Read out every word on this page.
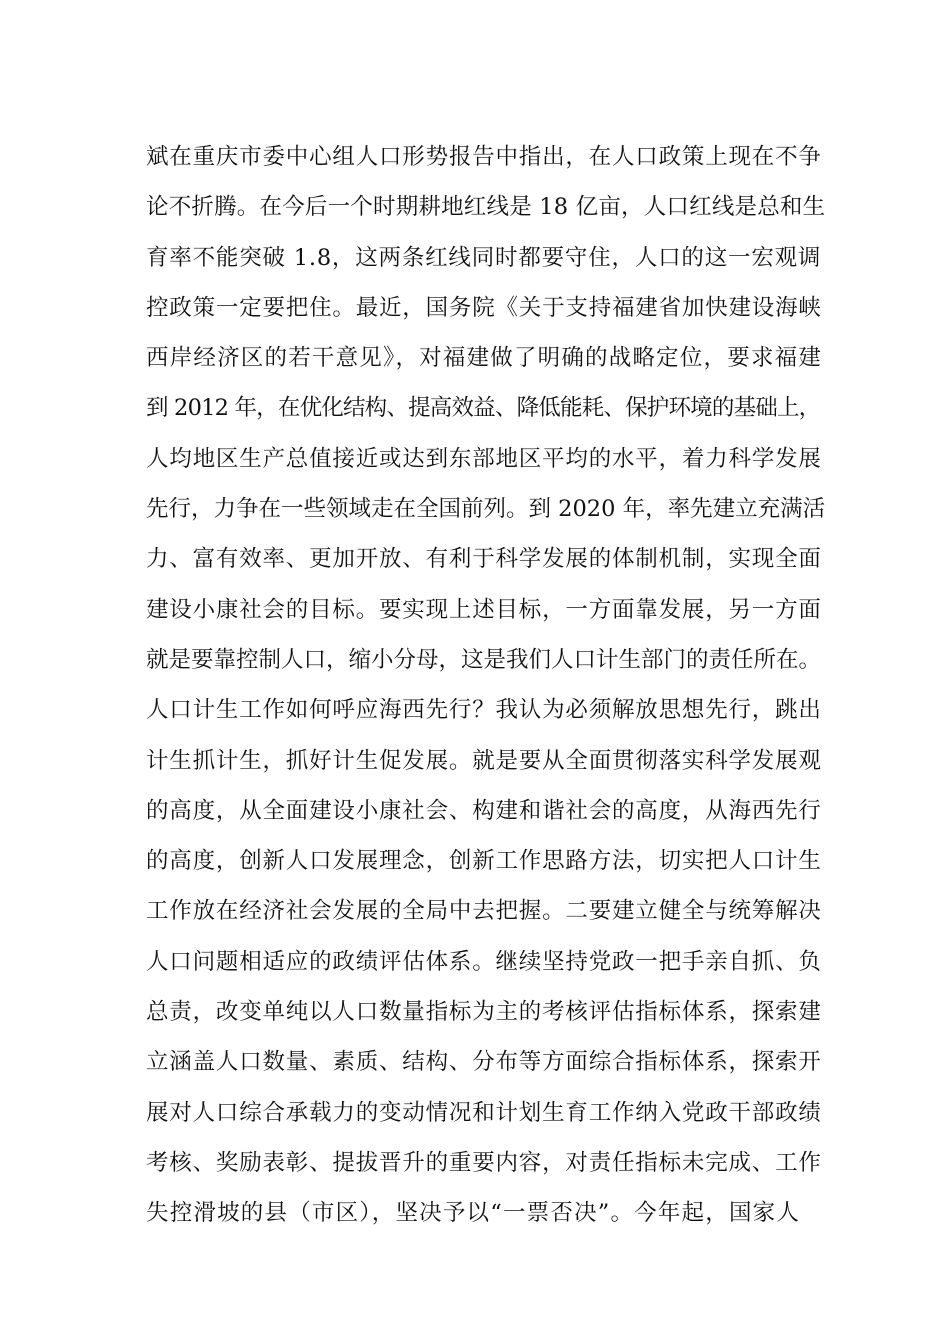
斌在重庆市委中心组人口形势报告中指出，在人口政策上现在不争
论不折腾。在今后一个时期耕地红线是 18 亿亩，人口红线是总和生
育率不能突破 1.8，这两条红线同时都要守住，人口的这一宏观调
控政策一定要把住。最近，国务院《关于支持福建省加快建设海峡
西岸经济区的若干意见》，对福建做了明确的战略定位，要求福建
到 2012 年，在优化结构、提高效益、降低能耗、保护环境的基础上，
人均地区生产总值接近或达到东部地区平均的水平，着力科学发展
先行，力争在一些领域走在全国前列。到 2020 年，率先建立充满活
力、富有效率、更加开放、有利于科学发展的体制机制，实现全面
建设小康社会的目标。要实现上述目标，一方面靠发展，另一方面
就是要靠控制人口，缩小分母，这是我们人口计生部门的责任所在。
人口计生工作如何呼应海西先行？我认为必须解放思想先行，跳出
计生抓计生，抓好计生促发展。就是要从全面贯彻落实科学发展观
的高度，从全面建设小康社会、构建和谐社会的高度，从海西先行
的高度，创新人口发展理念，创新工作思路方法，切实把人口计生
工作放在经济社会发展的全局中去把握。二要建立健全与统筹解决
人口问题相适应的政绩评估体系。继续坚持党政一把手亲自抓、负
总责，改变单纯以人口数量指标为主的考核评估指标体系，探索建
立涵盖人口数量、素质、结构、分布等方面综合指标体系，探索开
展对人口综合承载力的变动情况和计划生育工作纳入党政干部政绩
考核、奖励表彰、提拔晋升的重要内容，对责任指标未完成、工作
失控滑坡的县（市区），坚决予以“一票否决”。今年起，国家人
